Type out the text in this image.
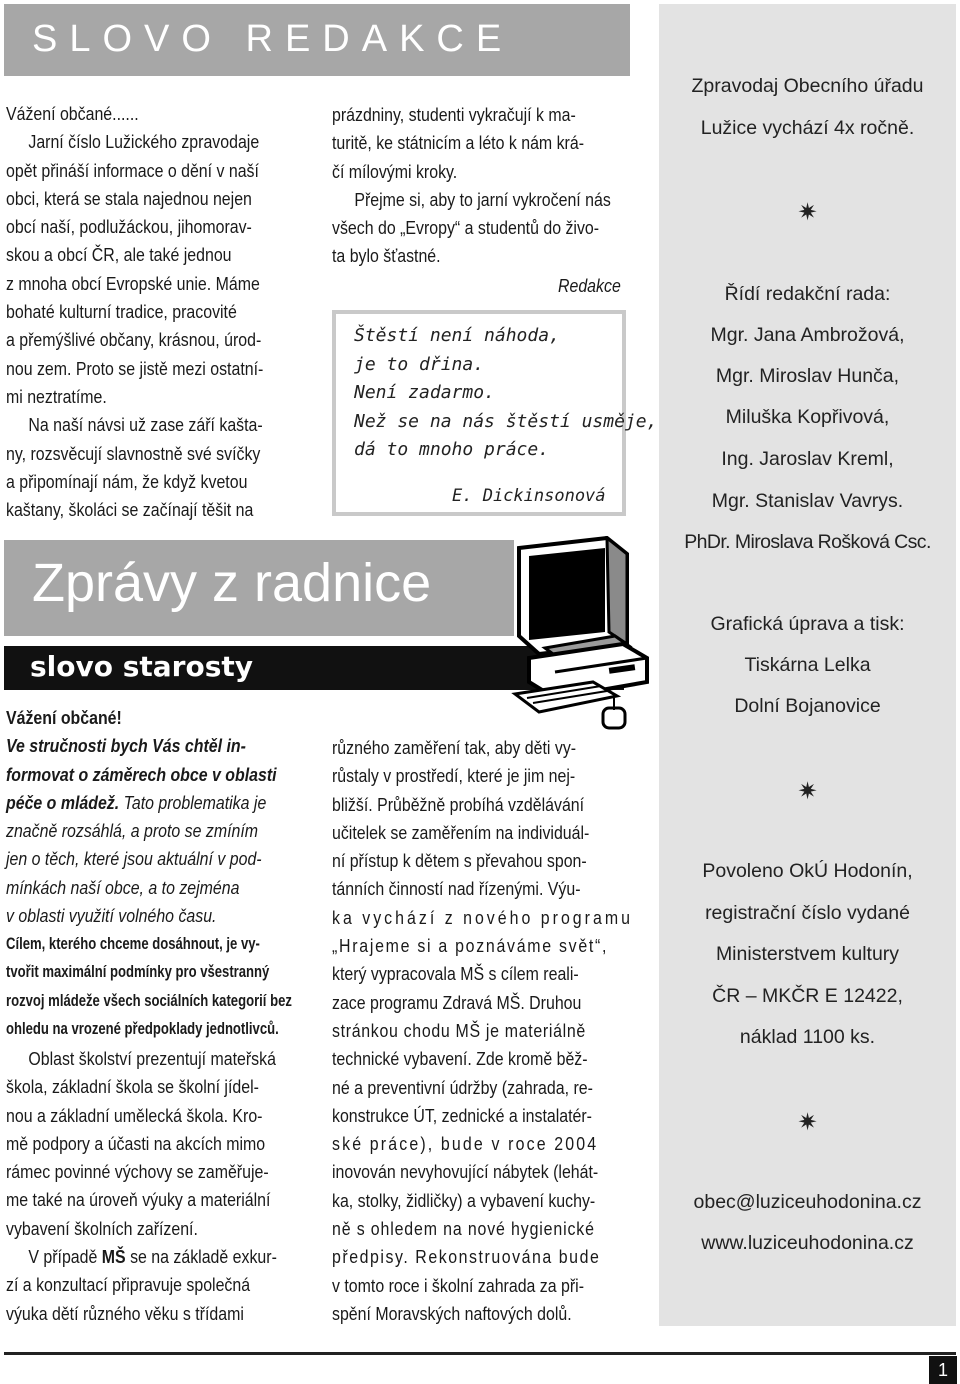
SLOVO REDAKCE

Vážení občané......

Jarní číslo Lužického zpravodaje

opět přináší informace o dění v naší

obci, která se stala najednou nejen

obcí naší, podlužáckou, jihomorav-

skou a obcí ČR, ale také jednou

z mnoha obcí Evropské unie. Máme

bohaté kulturní tradice, pracovité

a přemýšlivé občany, krásnou, úrod-

nou zem. Proto se jistě mezi ostatní-

mi neztratíme.

Na naší návsi už zase září kašta-

ny, rozsvěcují slavnostně své svíčky

a připomínají nám, že když kvetou

kaštany, školáci se začínají těšit na

prázdniny, studenti vykračují k ma-

turitě, ke státnicím a léto k nám krá-

čí mílovými kroky.

Přejme si, aby to jarní vykročení nás

všech do „Evropy“ a studentů do živo-

ta bylo šťastné.

Redakce
Štěstí není náhoda,
je to dřina.
Není zadarmo.
Než se na nás štěstí usměje,
dá to mnoho práce.
E. Dickinsonová
Zprávy z radnice
slovo starosty

Vážení občané!

Ve stručnosti bych Vás chtěl in-

formovat o záměrech obce v oblasti

péče o mládež. Tato problematika je

značně rozsáhlá, a proto se zmíním

jen o těch, které jsou aktuální v pod-

mínkách naší obce, a to zejména

v oblasti využití volného času.

Cílem, kterého chceme dosáhnout, je vy-

tvořit maximální podmínky pro všestranný

rozvoj mládeže všech sociálních kategorií bez

ohledu na vrozené předpoklady jednotlivců.

Oblast školství prezentují mateřská

škola, základní škola se školní jídel-

nou a základní umělecká škola. Kro-

mě podpory a účasti na akcích mimo

rámec povinné výchovy se zaměřuje-

me také na úroveň výuky a materiální

vybavení školních zařízení.

V případě MŠ se na základě exkur-

zí a konzultací připravuje společná

výuka dětí různého věku s třídami

různého zaměření tak, aby děti vy-

růstaly v prostředí, které je jim nej-

bližší. Průběžně probíhá vzdělávání

učitelek se zaměřením na individuál-

ní přístup k dětem s převahou spon-

tánních činností nad řízenými. Výu-

ka vychází z nového programu

„Hrajeme si a poznáváme svět“,

který vypracovala MŠ s cílem reali-

zace programu Zdravá MŠ. Druhou

stránkou chodu MŠ je materiálně

technické vybavení. Zde kromě běž-

né a preventivní údržby (zahrada, re-

konstrukce ÚT, zednické a instalatér-

ské práce), bude v roce 2004

inovován nevyhovující nábytek (lehát-

ka, stolky, židličky) a vybavení kuchy-

ně s ohledem na nové hygienické

předpisy. Rekonstruována bude

v tomto roce i školní zahrada za při-

spění Moravských naftových dolů.

Zpravodaj Obecního úřadu
Lužice vychází 4x ročně.
✷
Řídí redakční rada:
Mgr. Jana Ambrožová,
Mgr. Miroslav Hunča,
Miluška Kopřivová,
Ing. Jaroslav Kreml,
Mgr. Stanislav Vavrys.
PhDr. Miroslava Rošková Csc.
Grafická úprava a tisk:
Tiskárna Lelka
Dolní Bojanovice
✷
Povoleno OkÚ Hodonín,
registrační číslo vydané
Ministerstvem kultury
ČR – MKČR E 12422,
náklad 1100 ks.
✷
obec@luziceuhodonina.cz
www.luziceuhodonina.cz
1
